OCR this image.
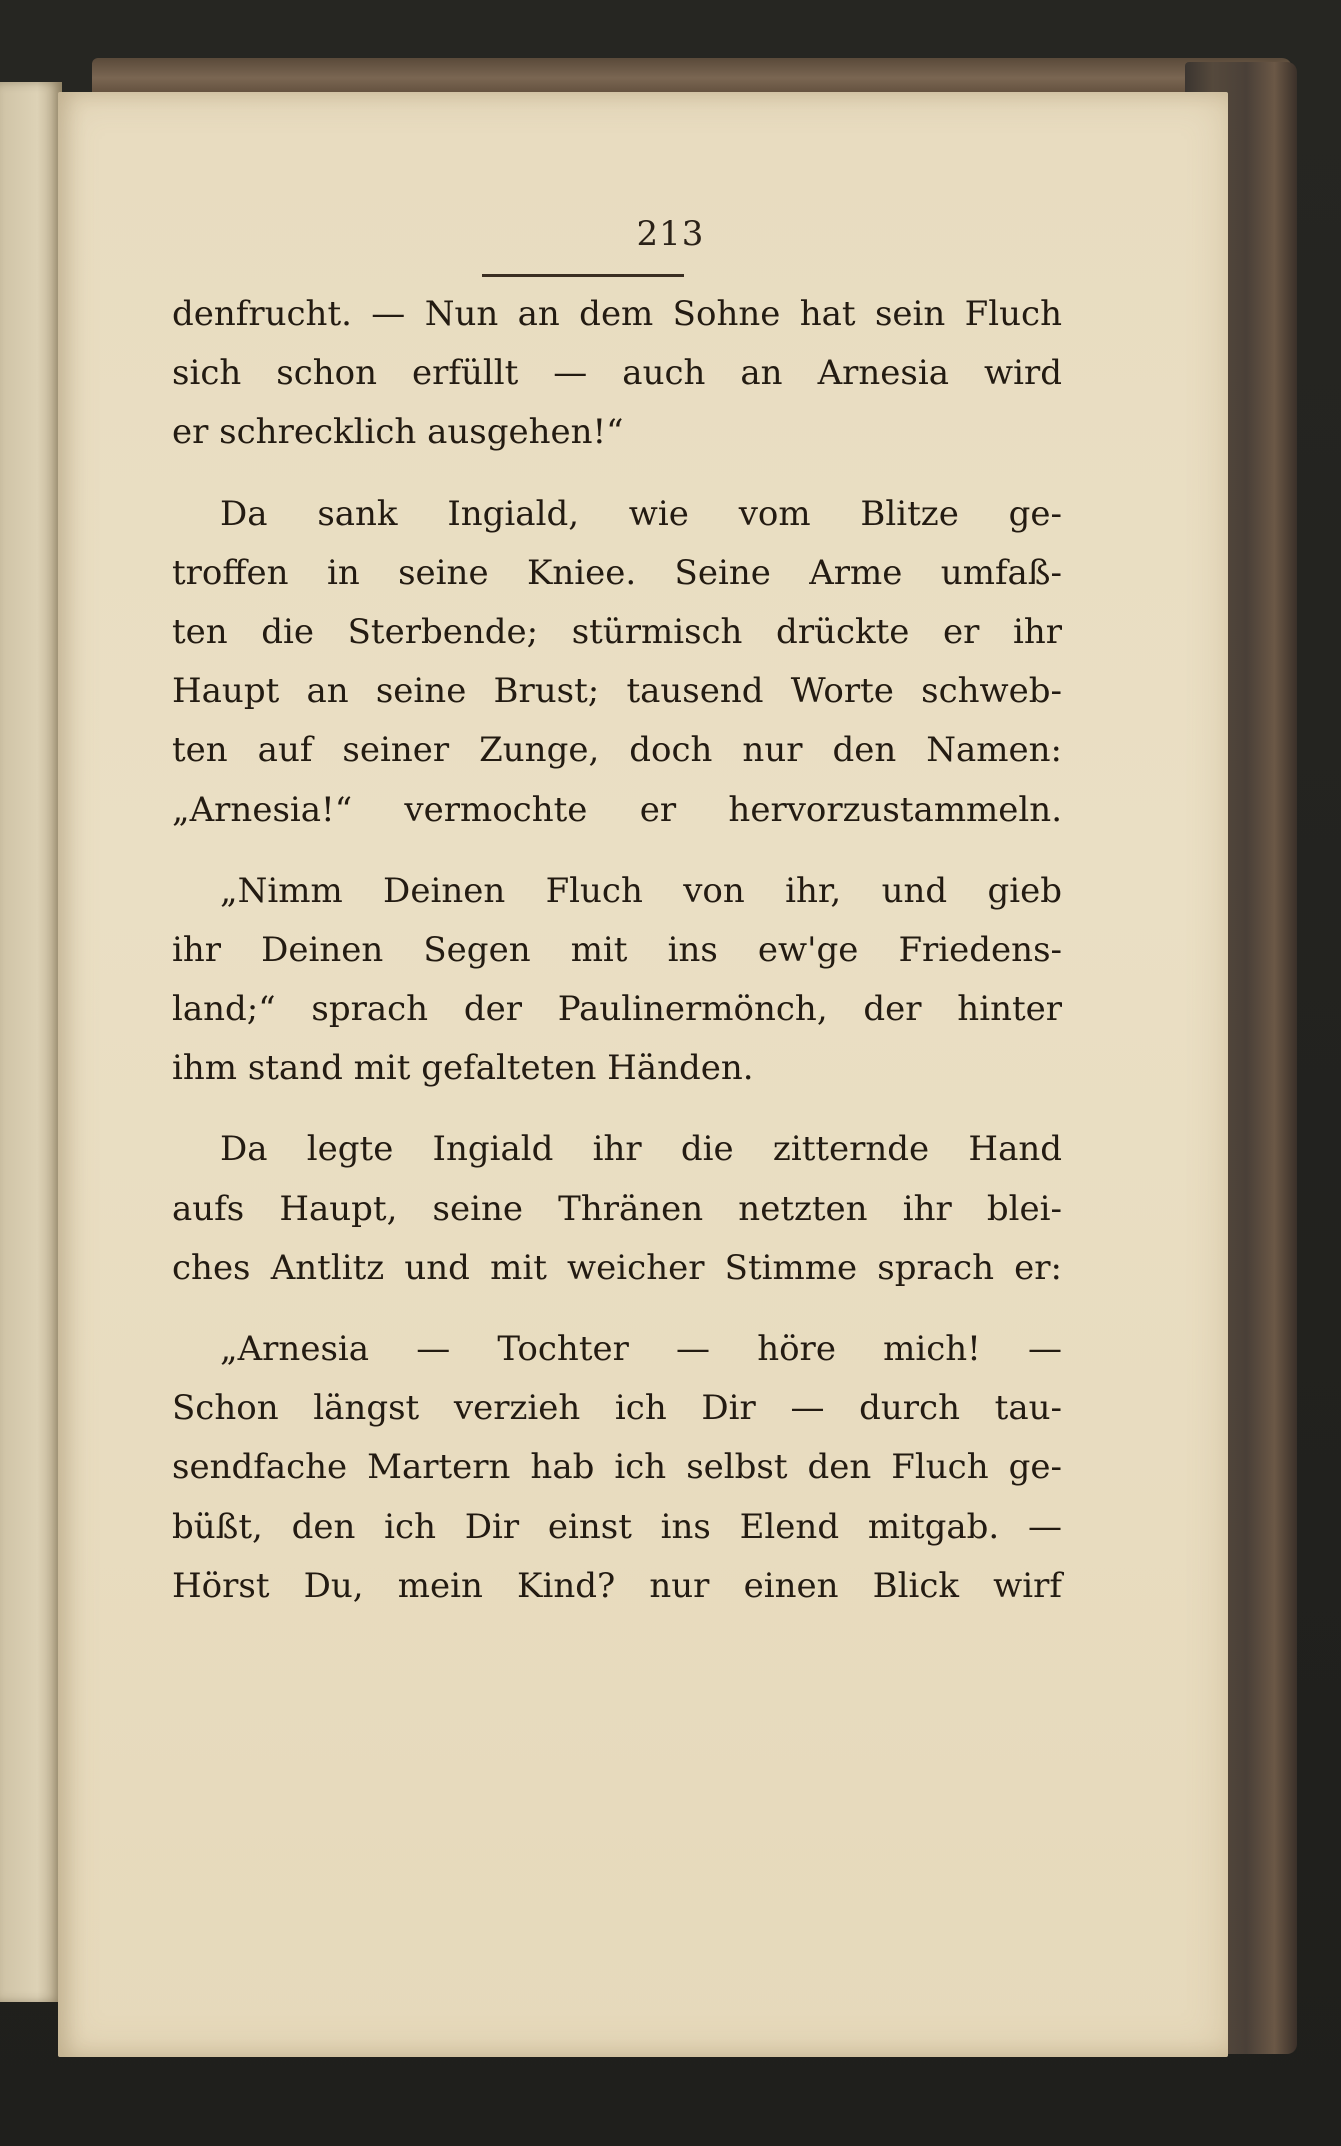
213
denfrucht. — Nun an dem Sohne hat sein Fluch
sich schon erfüllt — auch an Arnesia wird
er schrecklich ausgehen!“
Da sank Ingiald, wie vom Blitze ge-
troffen in seine Kniee. Seine Arme umfaß-
ten die Sterbende; stürmisch drückte er ihr
Haupt an seine Brust; tausend Worte schweb-
ten auf seiner Zunge, doch nur den Namen:
„Arnesia!“ vermochte er hervorzustammeln.
„Nimm Deinen Fluch von ihr, und gieb
ihr Deinen Segen mit ins ew'ge Friedens-
land;“ sprach der Paulinermönch, der hinter
ihm stand mit gefalteten Händen.
Da legte Ingiald ihr die zitternde Hand
aufs Haupt, seine Thränen netzten ihr blei-
ches Antlitz und mit weicher Stimme sprach er:
„Arnesia — Tochter — höre mich! —
Schon längst verzieh ich Dir — durch tau-
sendfache Martern hab ich selbst den Fluch ge-
büßt, den ich Dir einst ins Elend mitgab. —
Hörst Du, mein Kind? nur einen Blick wirf
